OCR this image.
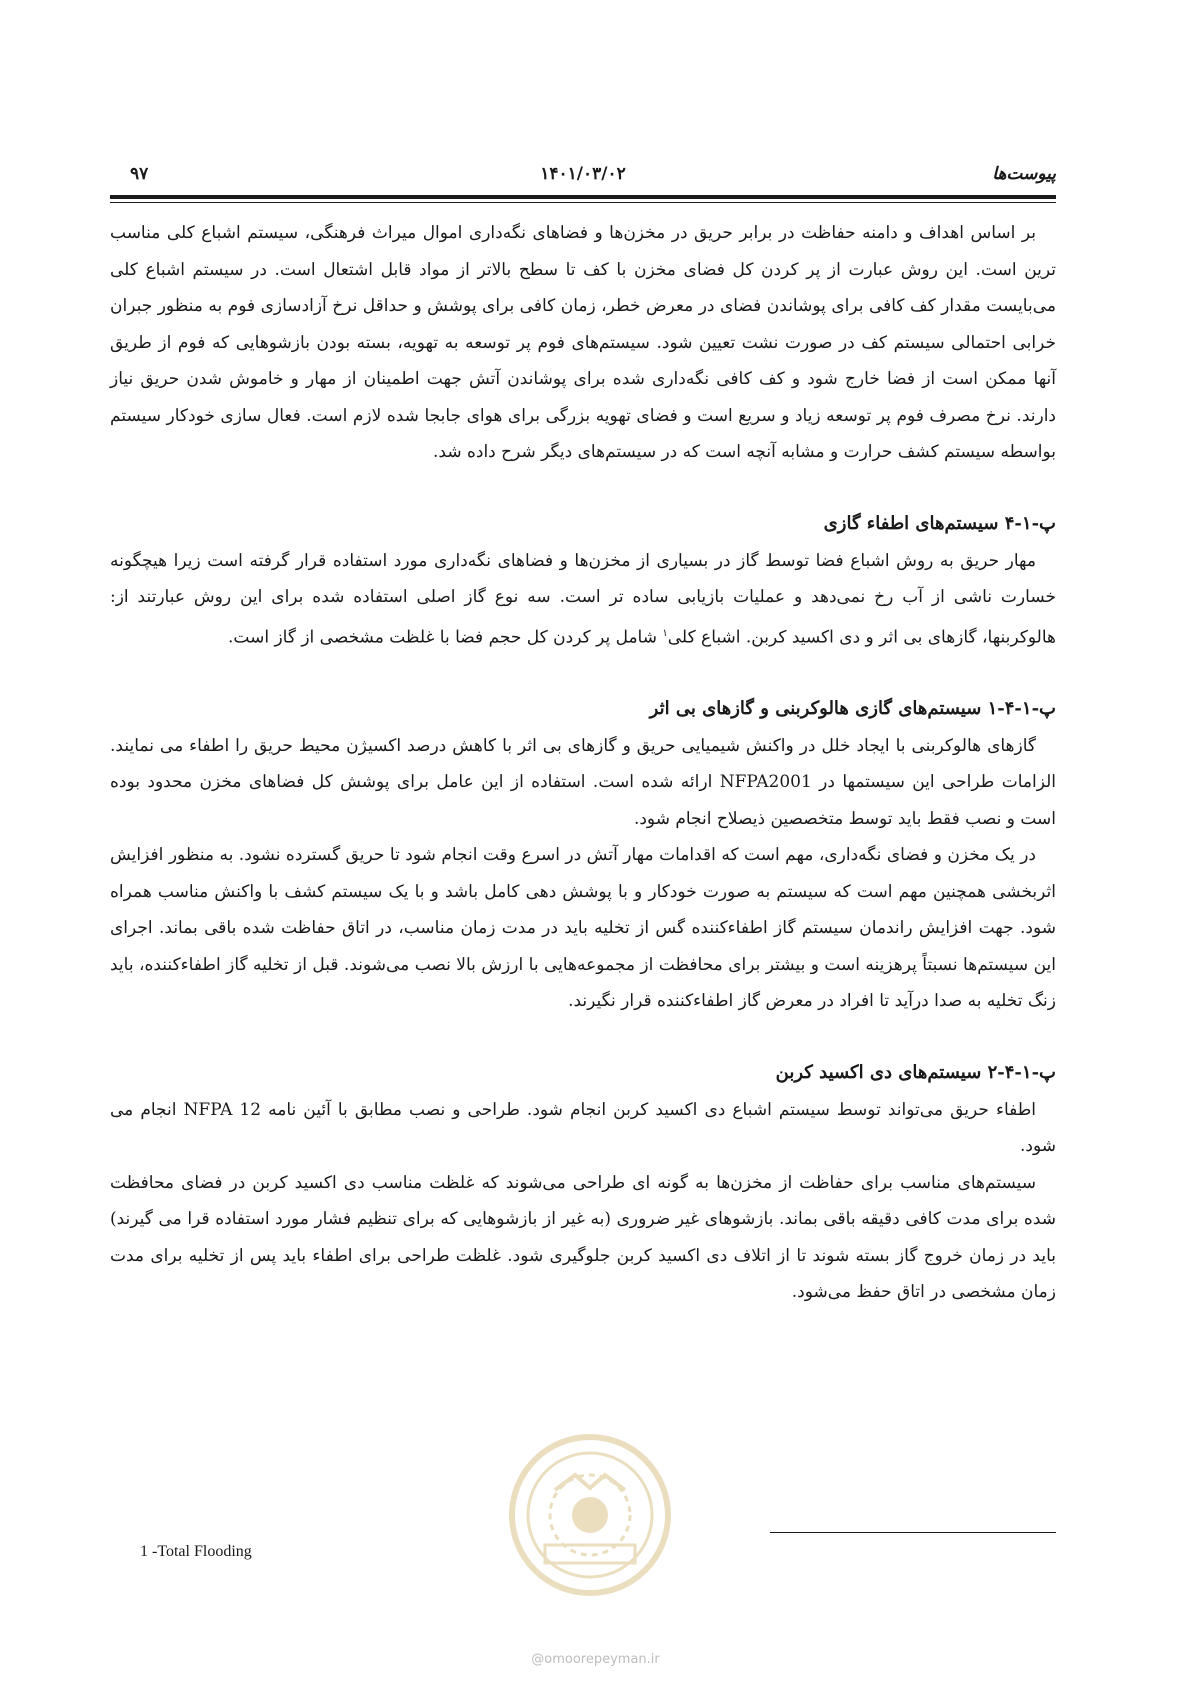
پیوست‌ها
۱۴۰۱/۰۳/۰۲
۹۷

بر اساس اهداف و دامنه حفاظت در برابر حریق در مخزن‌ها و فضاهای نگه‌داری اموال میراث فرهنگی، سیستم اشباع کلی مناسب ترین است. این روش عبارت از پر کردن کل فضای مخزن با کف تا سطح بالاتر از مواد قابل اشتعال است. در سیستم اشباع کلی می‌بایست مقدار کف کافی برای پوشاندن فضای در معرض خطر، زمان کافی برای پوشش و حداقل نرخ آزادسازی فوم به منظور جبران خرابی احتمالی سیستم کف در صورت نشت تعیین شود. سیستم‌های فوم پر توسعه به تهویه، بسته بودن بازشوهایی که فوم از طریق آنها ممکن است از فضا خارج شود و کف کافی نگه‌داری شده برای پوشاندن آتش جهت اطمینان از مهار و خاموش شدن حریق نیاز دارند. نرخ مصرف فوم پر توسعه زیاد و سریع است و فضای تهویه بزرگی برای هوای جابجا شده لازم است. فعال سازی خودکار سیستم بواسطه سیستم کشف حرارت و مشابه آنچه است که در سیستم‌های دیگر شرح داده شد.

پ-۱-۴ سیستم‌های اطفاء گازی

مهار حریق به روش اشباع فضا توسط گاز در بسیاری از مخزن‌ها و فضاهای نگه‌داری مورد استفاده قرار گرفته است زیرا هیچگونه خسارت ناشی از آب رخ نمی‌دهد و عملیات بازیابی ساده تر است. سه نوع گاز اصلی استفاده شده برای این روش عبارتند از: هالوکربنها، گازهای بی اثر و دی اکسید کربن. اشباع کلی$^۱$ شامل پر کردن کل حجم فضا با غلظت مشخصی از گاز است.

پ-۱-۴-۱ سیستم‌های گازی هالوکربنی و گازهای بی اثر

گازهای هالوکربنی با ایجاد خلل در واکنش شیمیایی حریق و گازهای بی اثر با کاهش درصد اکسیژن محیط حریق را اطفاء می نمایند. الزامات طراحی این سیستمها در NFPA2001 ارائه شده است. استفاده از این عامل برای پوشش کل فضاهای مخزن محدود بوده است و نصب فقط باید توسط متخصصین ذیصلاح انجام شود.

در یک مخزن و فضای نگه‌داری، مهم است که اقدامات مهار آتش در اسرع وقت انجام شود تا حریق گسترده نشود. به منظور افزایش اثربخشی همچنین مهم است که سیستم به صورت خودکار و با پوشش دهی کامل باشد و با یک سیستم کشف با واکنش مناسب همراه شود. جهت افزایش راندمان سیستم گاز اطفاء‌کننده گس از تخلیه باید در مدت زمان مناسب، در اتاق حفاظت شده باقی بماند. اجرای این سیستم‌ها نسبتاً پرهزینه است و بیشتر برای محافظت از مجموعه‌هایی با ارزش بالا نصب می‌شوند. قبل از تخلیه گاز اطفاء‌کننده، باید زنگ تخلیه به صدا درآید تا افراد در معرض گاز اطفاء‌کننده قرار نگیرند.

پ-۱-۴-۲ سیستم‌های دی اکسید کربن

اطفاء حریق می‌تواند توسط سیستم اشباع دی اکسید کربن انجام شود. طراحی و نصب مطابق با آئین نامه NFPA 12 انجام می شود.

سیستم‌های مناسب برای حفاظت از مخزن‌ها به گونه ای طراحی می‌شوند که غلظت مناسب دی اکسید کربن در فضای محافظت شده برای مدت کافی دقیقه باقی بماند. بازشوهای غیر ضروری (به غیر از بازشوهایی که برای تنظیم فشار مورد استفاده قرا می گیرند) باید در زمان خروج گاز بسته شوند تا از اتلاف دی اکسید کربن جلوگیری شود. غلظت طراحی برای اطفاء باید پس از تخلیه برای مدت زمان مشخصی در اتاق حفظ می‌شود.

1 -Total Flooding
@omoorepeyman.ir
